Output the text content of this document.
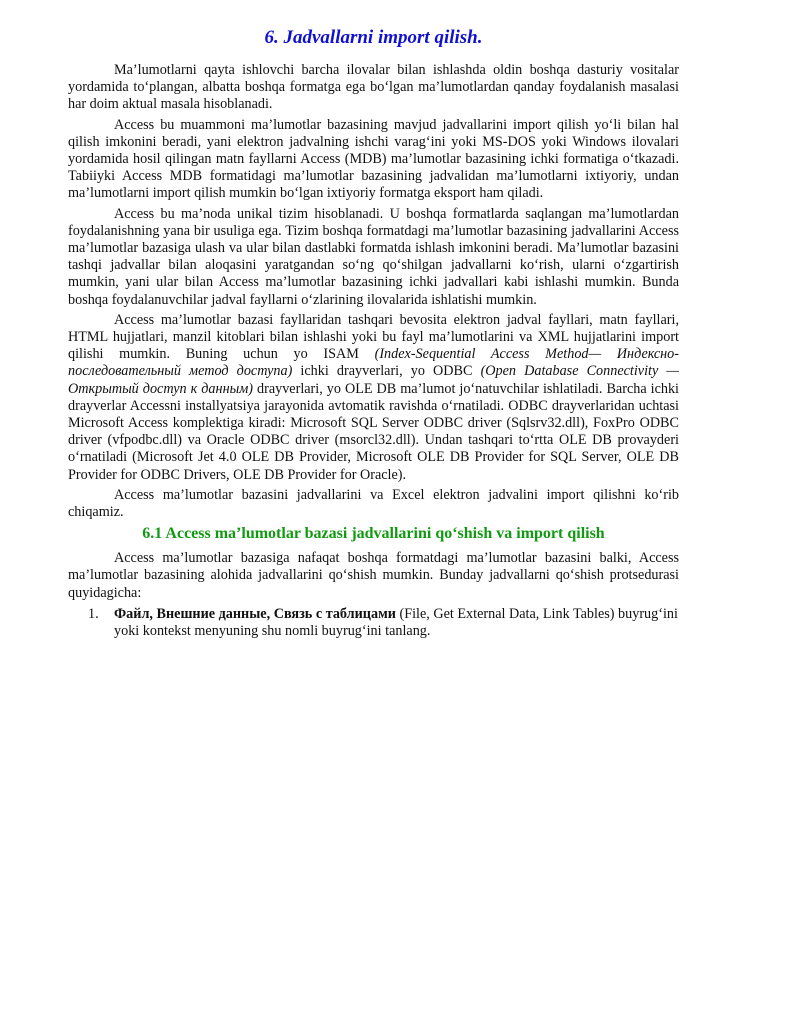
6. Jadvallarni import qilish.

Ma’lumotlarni qayta ishlovchi barcha ilovalar bilan ishlashda oldin boshqa dasturiy vositalar yordamida to‘plangan, albatta boshqa formatga ega bo‘lgan ma’lumotlardan qanday foydalanish masalasi har doim aktual masala hisoblanadi.

Access bu muammoni ma’lumotlar bazasining mavjud jadvallarini import qilish yo‘li bilan hal qilish imkonini beradi, yani elektron jadvalning ishchi varag‘ini yoki MS-DOS yoki Windows ilovalari yordamida hosil qilingan matn fayllarni Access (MDB) ma’lumotlar bazasining ichki formatiga o‘tkazadi. Tabiiyki Access MDB formatidagi ma’lumotlar bazasining jadvalidan ma’lumotlarni ixtiyoriy, undan ma’lumotlarni import qilish mumkin bo‘lgan ixtiyoriy formatga eksport ham qiladi.

Access bu ma’noda unikal tizim hisoblanadi. U boshqa formatlarda saqlangan ma’lumotlardan foydalanishning yana bir usuliga ega. Tizim boshqa formatdagi ma’lumotlar bazasining jadvallarini Access ma’lumotlar bazasiga ulash va ular bilan dastlabki formatda ishlash imkonini beradi. Ma’lumotlar bazasini tashqi jadvallar bilan aloqasini yaratgandan so‘ng qo‘shilgan jadvallarni ko‘rish, ularni o‘zgartirish mumkin, yani ular bilan Access ma’lumotlar bazasining ichki jadvallari kabi ishlashi mumkin. Bunda boshqa foydalanuvchilar jadval fayllarni o‘zlarining ilovalarida ishlatishi mumkin.

Access ma’lumotlar bazasi fayllaridan tashqari bevosita elektron jadval fayllari, matn fayllari, HTML hujjatlari, manzil kitoblari bilan ishlashi yoki bu fayl ma’lumotlarini va XML hujjatlarini import qilishi mumkin. Buning uchun yo ISAM (Index-Sequential Access Method— Индексно-последовательный метод доступа) ichki drayverlari, yo ODBC (Open Database Connectivity — Открытый доступ к данным) drayverlari, yo OLE DB ma’lumot jo‘natuvchilar ishlatiladi. Barcha ichki drayverlar Accessni installyatsiya jarayonida avtomatik ravishda o‘rnatiladi. ODBC drayverlaridan uchtasi Microsoft Access komplektiga kiradi: Microsoft SQL Server ODBC driver (Sqlsrv32.dll), FoxPro ODBC driver (vfpodbc.dll) va Oracle ODBC driver (msorcl32.dll). Undan tashqari to‘rtta OLE DB provayderi o‘rnatiladi (Microsoft Jet 4.0 OLE DB Provider, Microsoft OLE DB Provider for SQL Server, OLE DB Provider for ODBC Drivers, OLE DB Provider for Oracle).

Access ma’lumotlar bazasini jadvallarini va Excel elektron jadvalini import qilishni ko‘rib chiqamiz.

6.1 Access ma’lumotlar bazasi jadvallarini qo‘shish va import qilish

Access ma’lumotlar bazasiga nafaqat boshqa formatdagi ma’lumotlar bazasini balki, Access ma’lumotlar bazasining alohida jadvallarini qo‘shish mumkin. Bunday jadvallarni qo‘shish protsedurasi quyidagicha:

1. Файл, Внешние данные, Связь с таблицами (File, Get External Data, Link Tables) buyrug‘ini yoki kontekst menyuning shu nomli buyrug‘ini tanlang.
